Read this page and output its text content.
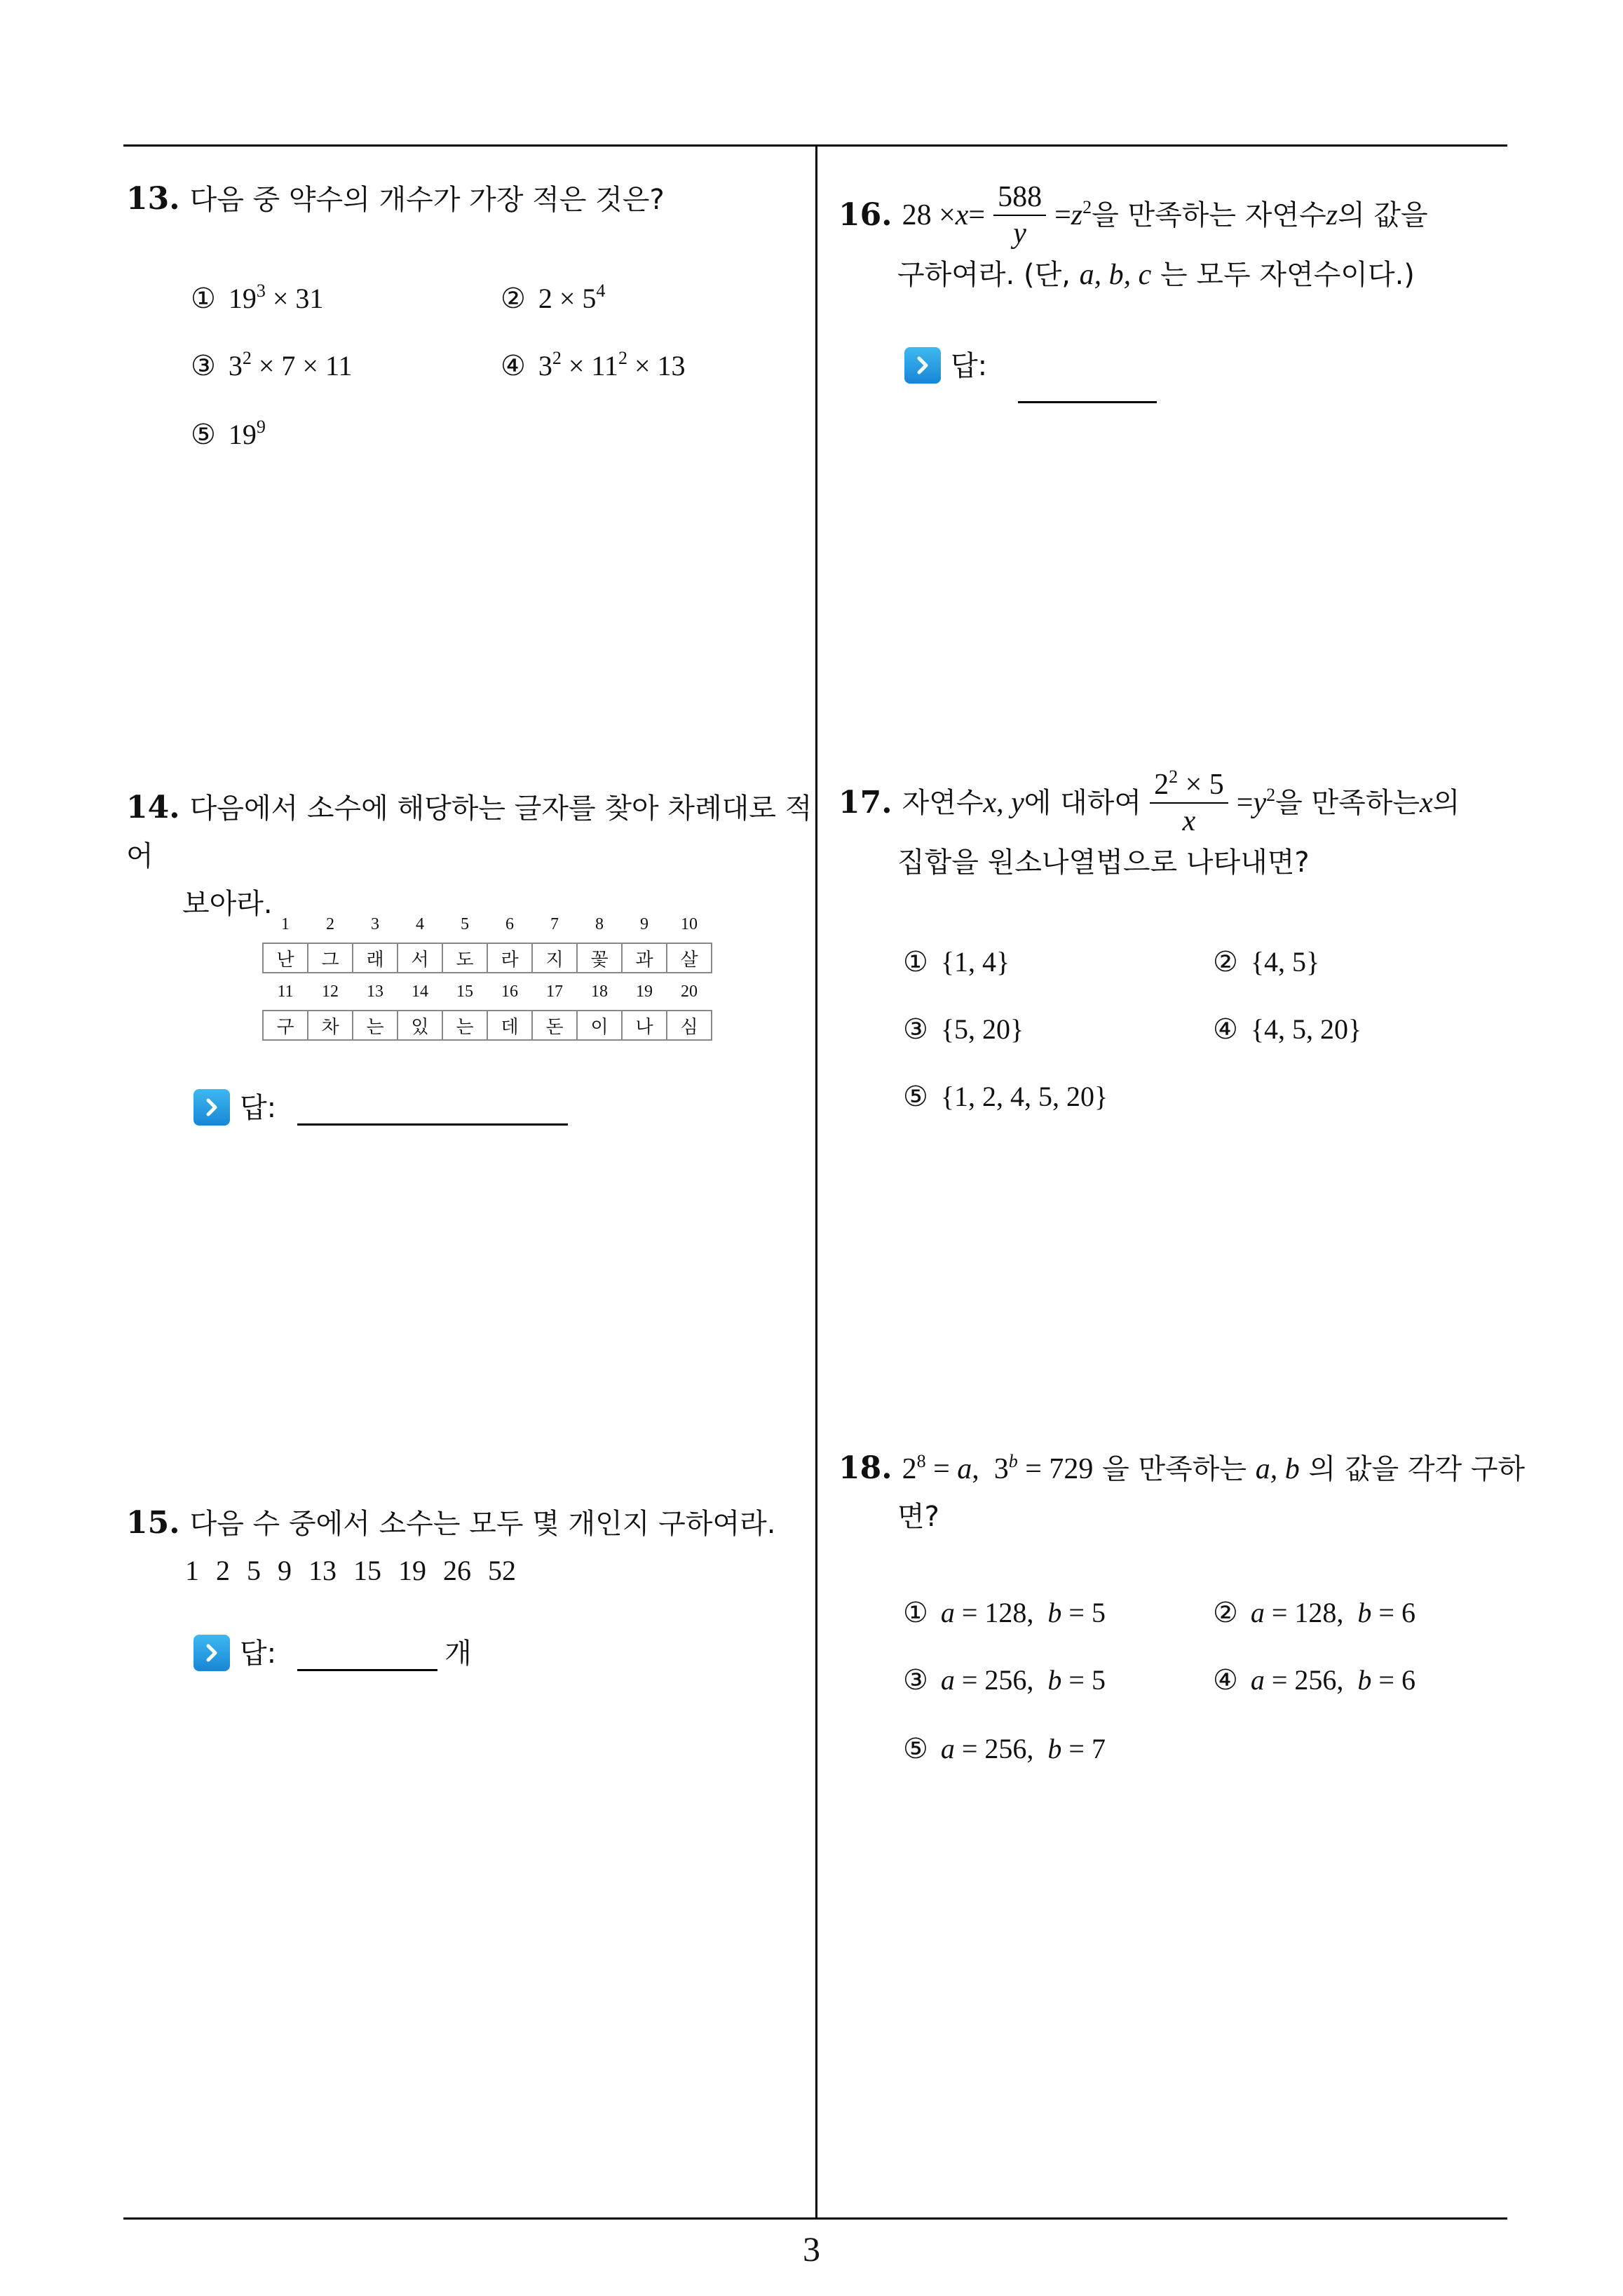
13. 다음 중 약수의 개수가 가장 적은 것은?
① $19^3 \times 31$	② $2 \times 5^4$
③ $3^2 \times 7 \times 11$	④ $3^2 \times 11^2 \times 13$
⑤ $19^9$
14. 다음에서 소수에 해당하는 글자를 찾아 차례대로 적어
보아라.
1	2	3	4	5	6	7	8	9	10
난	그	래	서	도	라	지	꽃	과	살
11	12	13	14	15	16	17	18	19	20
구	차	는	있	는	데	돈	이	나	심
답:
15. 다음 수 중에서 소수는 모두 몇 개인지 구하여라.
1 2 5 9 13 15 19 26 52
답:	개
16. $28 \times x = \frac{588}{y} = z^2$ 을 만족하는 자연수 z 의 값을
구하여라. (단, a, b, c 는 모두 자연수이다.)
답:
17. 자연수 x, y 에 대하여 $\frac{2^2 \times 5}{x} = y^2$ 을 만족하는 x 의
집합을 원소나열법으로 나타내면?
① {1, 4}	② {4, 5}
③ {5, 20}	④ {4, 5, 20}
⑤ {1, 2, 4, 5, 20}
18. $2^8 = a$,  $3^b = 729$ 을 만족하는 a, b 의 값을 각각 구하
면?
① a = 128,  b = 5	② a = 128,  b = 6
③ a = 256,  b = 5	④ a = 256,  b = 6
⑤ a = 256,  b = 7
3
